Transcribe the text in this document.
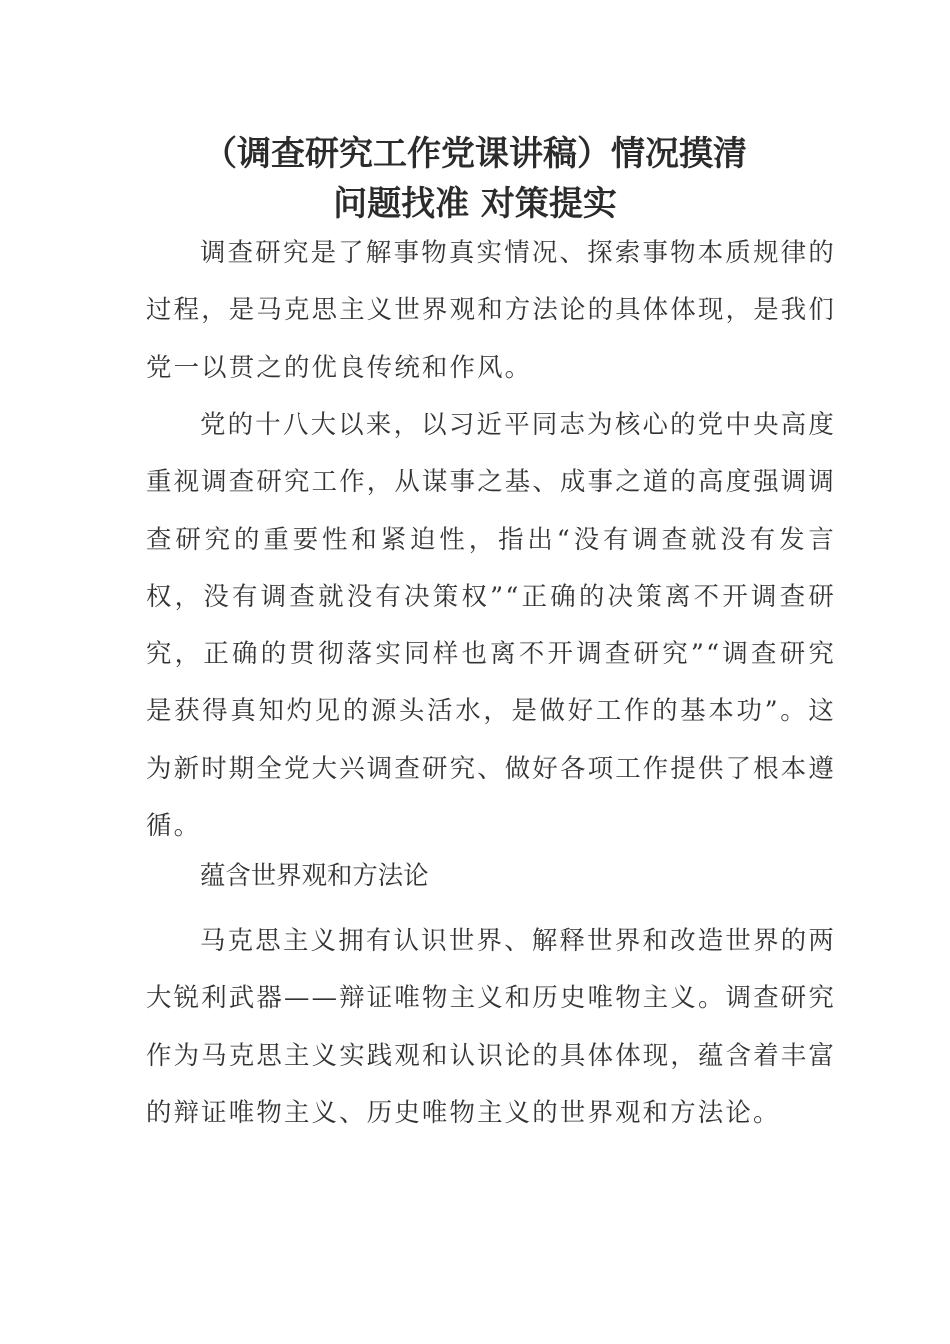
（调查研究工作党课讲稿）情况摸清
问题找准 对策提实

调查研究是了解事物真实情况、探索事物本质规律的过程，是马克思主义世界观和方法论的具体体现，是我们党一以贯之的优良传统和作风。

党的十八大以来，以习近平同志为核心的党中央高度重视调查研究工作，从谋事之基、成事之道的高度强调调查研究的重要性和紧迫性，指出“没有调查就没有发言权，没有调查就没有决策权”“正确的决策离不开调查研究，正确的贯彻落实同样也离不开调查研究”“调查研究是获得真知灼见的源头活水，是做好工作的基本功”。这为新时期全党大兴调查研究、做好各项工作提供了根本遵循。

蕴含世界观和方法论

马克思主义拥有认识世界、解释世界和改造世界的两大锐利武器——辩证唯物主义和历史唯物主义。调查研究作为马克思主义实践观和认识论的具体体现，蕴含着丰富的辩证唯物主义、历史唯物主义的世界观和方法论。
